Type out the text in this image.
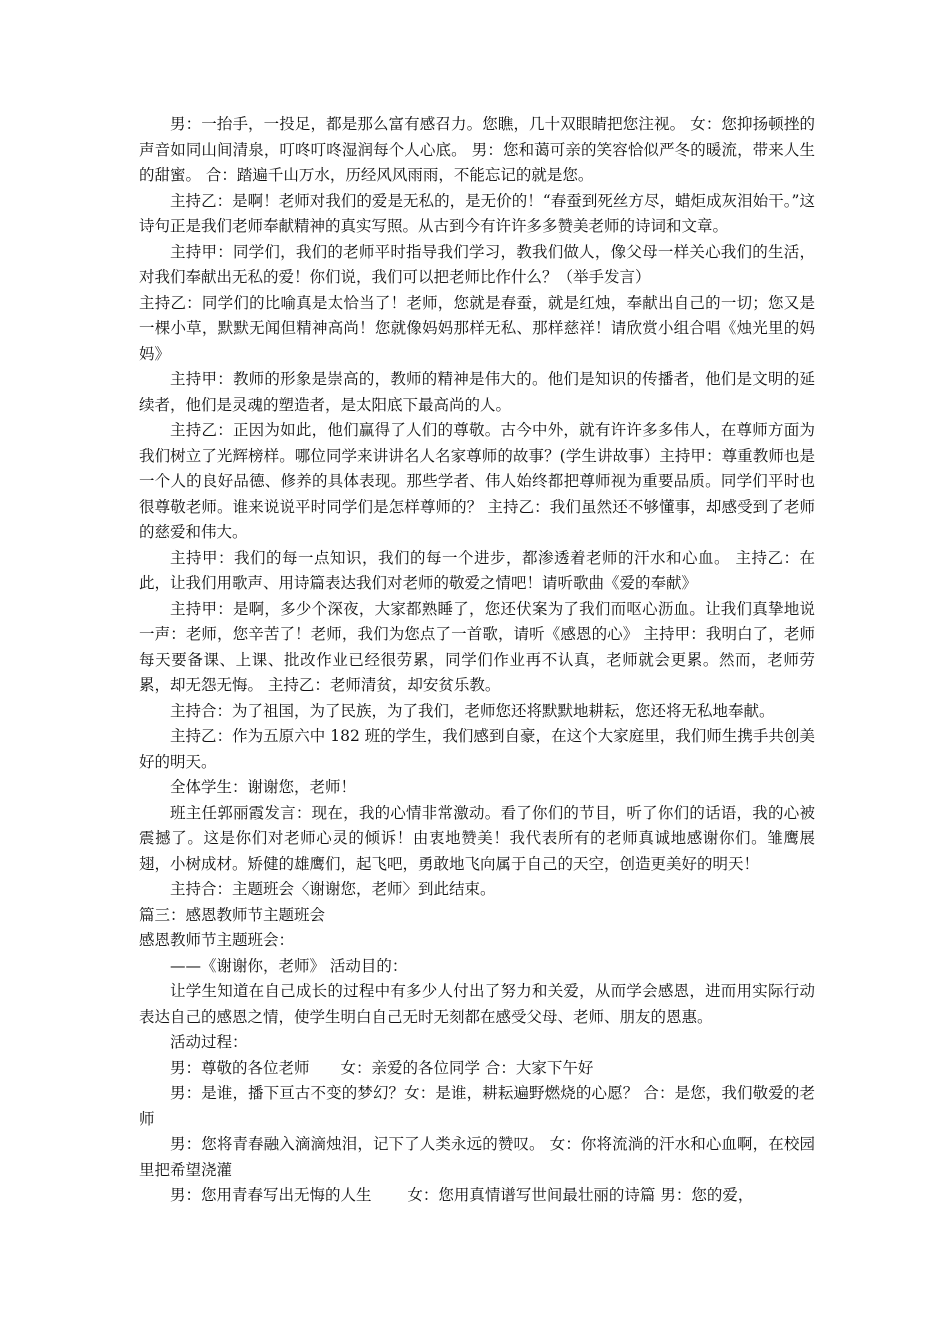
男：一抬手，一投足，都是那么富有感召力。您瞧，几十双眼睛把您注视。 女：您抑扬顿挫的声音如同山间清泉，叮咚叮咚湿润每个人心底。 男：您和蔼可亲的笑容恰似严冬的暖流，带来人生的甜蜜。 合：踏遍千山万水，历经风风雨雨，不能忘记的就是您。

主持乙：是啊！老师对我们的爱是无私的，是无价的！“春蚕到死丝方尽，蜡炬成灰泪始干。”这诗句正是我们老师奉献精神的真实写照。从古到今有许许多多赞美老师的诗词和文章。

主持甲：同学们，我们的老师平时指导我们学习，教我们做人，像父母一样关心我们的生活，对我们奉献出无私的爱！你们说，我们可以把老师比作什么？（举手发言）

主持乙：同学们的比喻真是太恰当了！老师，您就是春蚕，就是红烛，奉献出自己的一切；您又是一棵小草，默默无闻但精神高尚！您就像妈妈那样无私、那样慈祥！请欣赏小组合唱《烛光里的妈妈》

主持甲：教师的形象是崇高的，教师的精神是伟大的。他们是知识的传播者，他们是文明的延续者，他们是灵魂的塑造者，是太阳底下最高尚的人。

主持乙：正因为如此，他们赢得了人们的尊敬。古今中外，就有许许多多伟人，在尊师方面为我们树立了光辉榜样。哪位同学来讲讲名人名家尊师的故事？(学生讲故事）主持甲：尊重教师也是一个人的良好品德、修养的具体表现。那些学者、伟人始终都把尊师视为重要品质。同学们平时也很尊敬老师。谁来说说平时同学们是怎样尊师的？ 主持乙：我们虽然还不够懂事，却感受到了老师的慈爱和伟大。

主持甲：我们的每一点知识，我们的每一个进步，都渗透着老师的汗水和心血。 主持乙：在此，让我们用歌声、用诗篇表达我们对老师的敬爱之情吧！请听歌曲《爱的奉献》

主持甲：是啊，多少个深夜，大家都熟睡了，您还伏案为了我们而呕心沥血。让我们真挚地说一声：老师，您辛苦了！老师，我们为您点了一首歌，请听《感恩的心》 主持甲：我明白了，老师每天要备课、上课、批改作业已经很劳累，同学们作业再不认真，老师就会更累。然而，老师劳累，却无怨无悔。 主持乙：老师清贫，却安贫乐教。

主持合：为了祖国，为了民族，为了我们，老师您还将默默地耕耘，您还将无私地奉献。

主持乙：作为五原六中 182 班的学生，我们感到自豪，在这个大家庭里，我们师生携手共创美好的明天。

全体学生：谢谢您，老师！

班主任郭丽霞发言：现在，我的心情非常激动。看了你们的节目，听了你们的话语，我的心被震撼了。这是你们对老师心灵的倾诉！由衷地赞美！我代表所有的老师真诚地感谢你们。雏鹰展翅，小树成材。矫健的雄鹰们，起飞吧，勇敢地飞向属于自己的天空，创造更美好的明天！

主持合：主题班会〈谢谢您，老师〉到此结束。

篇三：感恩教师节主题班会

感恩教师节主题班会：

——《谢谢你，老师》 活动目的：

让学生知道在自己成长的过程中有多少人付出了努力和关爱，从而学会感恩，进而用实际行动表达自己的感恩之情，使学生明白自己无时无刻都在感受父母、老师、朋友的恩惠。

活动过程：

男：尊敬的各位老师　　女：亲爱的各位同学 合：大家下午好

男：是谁，播下亘古不变的梦幻？女：是谁，耕耘遍野燃烧的心愿？ 合：是您，我们敬爱的老师

男：您将青春融入滴滴烛泪，记下了人类永远的赞叹。 女：你将流淌的汗水和心血啊，在校园里把希望浇灌

男：您用青春写出无悔的人生　　 女：您用真情谱写世间最壮丽的诗篇 男：您的爱，
